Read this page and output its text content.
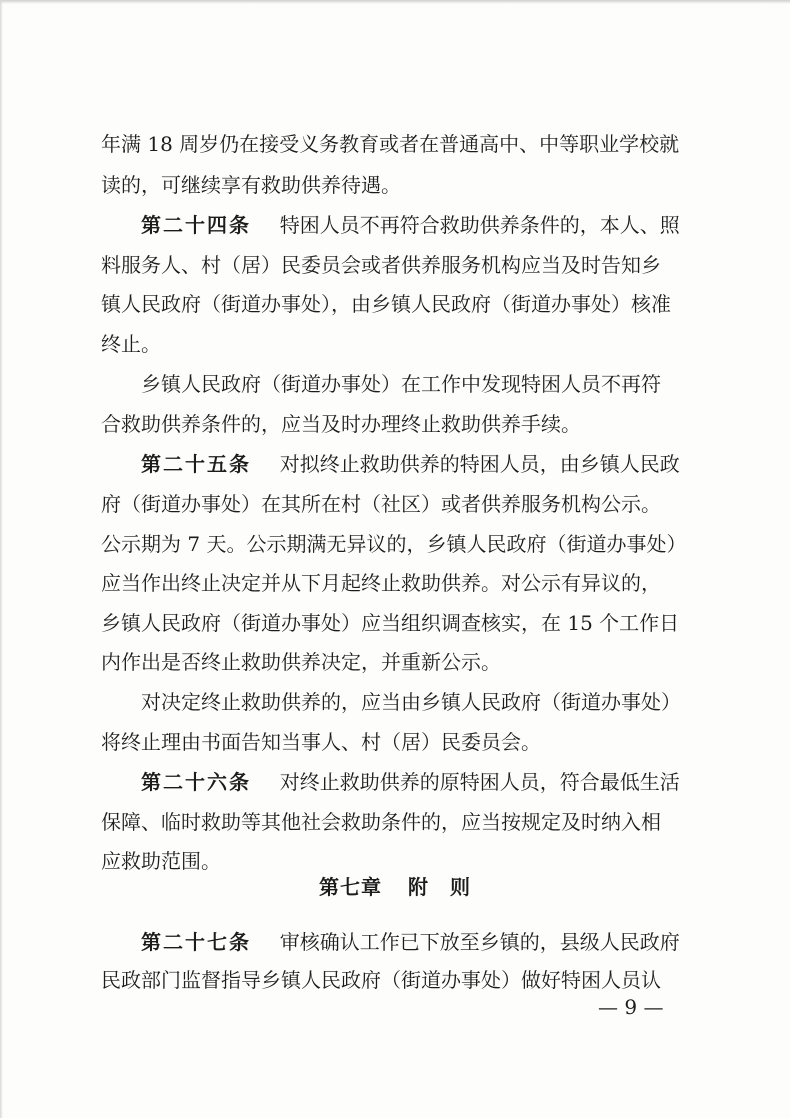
年满 18 周岁仍在接受义务教育或者在普通高中、中等职业学校就
读的，可继续享有救助供养待遇。
第二十四条 特困人员不再符合救助供养条件的，本人、照
料服务人、村（居）民委员会或者供养服务机构应当及时告知乡
镇人民政府（街道办事处），由乡镇人民政府（街道办事处）核准
终止。
乡镇人民政府（街道办事处）在工作中发现特困人员不再符
合救助供养条件的，应当及时办理终止救助供养手续。
第二十五条 对拟终止救助供养的特困人员，由乡镇人民政
府（街道办事处）在其所在村（社区）或者供养服务机构公示。
公示期为 7 天。公示期满无异议的，乡镇人民政府（街道办事处）
应当作出终止决定并从下月起终止救助供养。对公示有异议的，
乡镇人民政府（街道办事处）应当组织调查核实，在 15 个工作日
内作出是否终止救助供养决定，并重新公示。
对决定终止救助供养的，应当由乡镇人民政府（街道办事处）
将终止理由书面告知当事人、村（居）民委员会。
第二十六条 对终止救助供养的原特困人员，符合最低生活
保障、临时救助等其他社会救助条件的，应当按规定及时纳入相
应救助范围。
第七章 附　则
第二十七条 审核确认工作已下放至乡镇的，县级人民政府
民政部门监督指导乡镇人民政府（街道办事处）做好特困人员认
— 9 —
